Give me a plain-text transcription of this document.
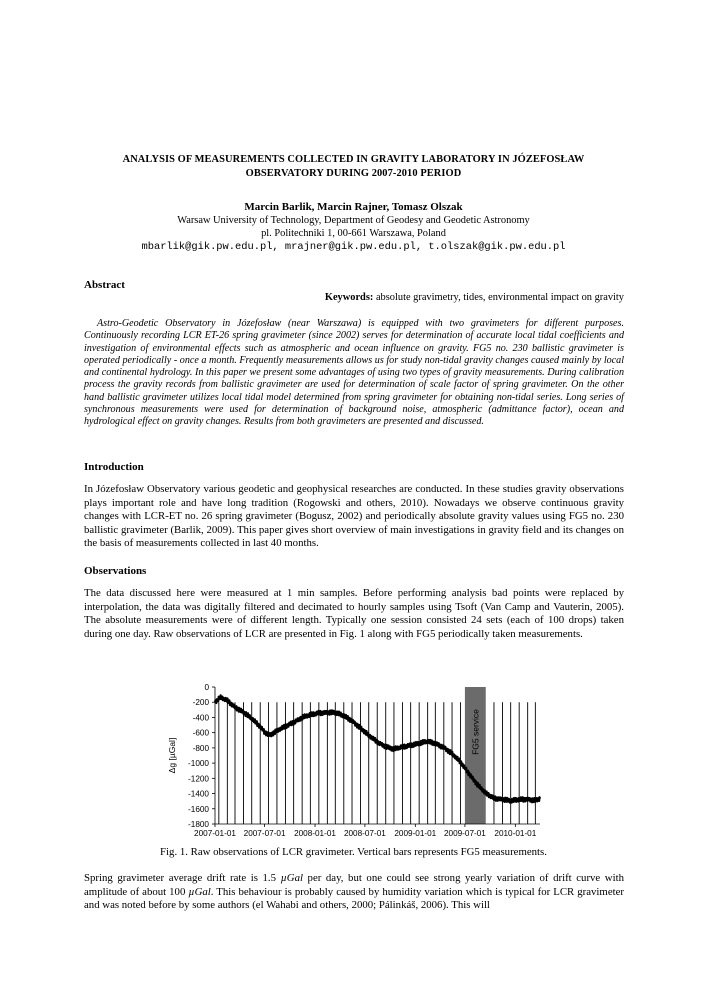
ANALYSIS OF MEASUREMENTS COLLECTED IN GRAVITY LABORATORY IN JÓZEFOSŁAW
OBSERVATORY DURING 2007-2010 PERIOD
Marcin Barlik, Marcin Rajner, Tomasz Olszak
Warsaw University of Technology, Department of Geodesy and Geodetic Astronomy
pl. Politechniki 1, 00-661 Warszawa, Poland
mbarlik@gik.pw.edu.pl, mrajner@gik.pw.edu.pl, t.olszak@gik.pw.edu.pl
Abstract
Keywords: absolute gravimetry, tides, environmental impact on gravity
Astro-Geodetic Observatory in Józefosław (near Warszawa) is equipped with two gravimeters for different purposes. Continuously recording LCR ET-26 spring gravimeter (since 2002) serves for determination of accurate local tidal coefficients and investigation of environmental effects such as atmospheric and ocean influence on gravity. FG5 no. 230 ballistic gravimeter is operated periodically - once a month. Frequently measurements allows us for study non-tidal gravity changes caused mainly by local and continental hydrology. In this paper we present some advantages of using two types of gravity measurements. During calibration process the gravity records from ballistic gravimeter are used for determination of scale factor of spring gravimeter. On the other hand ballistic gravimeter utilizes local tidal model determined from spring gravimeter for obtaining non-tidal series. Long series of synchronous measurements were used for determination of background noise, atmospheric (admittance factor), ocean and hydrological effect on gravity changes. Results from both gravimeters are presented and discussed.
Introduction
In Józefosław Observatory various geodetic and geophysical researches are conducted. In these studies gravity observations plays important role and have long tradition (Rogowski and others, 2010). Nowadays we observe continuous gravity changes with LCR-ET no. 26 spring gravimeter (Bogusz, 2002) and periodically absolute gravity values using FG5 no. 230 ballistic gravimeter (Barlik, 2009). This paper gives short overview of main investigations in gravity field and its changes on the basis of measurements collected in last 40 months.
Observations
The data discussed here were measured at 1 min samples. Before performing analysis bad points were replaced by interpolation, the data was digitally filtered and decimated to hourly samples using Tsoft (Van Camp and Vauterin, 2005). The absolute measurements were of different length. Typically one session consisted 24 sets (each of 100 drops) taken during one day. Raw observations of LCR are presented in Fig. 1 along with FG5 periodically taken measurements.
FG5 service
0
-200
-400
-600
-800
-1000
-1200
-1400
-1600
-1800
2007-01-01 2007-07-01 2008-01-01 2008-07-01 2009-01-01 2009-07-01 2010-01-01
Δg [µGal]
Fig. 1. Raw observations of LCR gravimeter. Vertical bars represents FG5 measurements.
Spring gravimeter average drift rate is 1.5 µGal per day, but one could see strong yearly variation of drift curve with amplitude of about 100 µGal. This behaviour is probably caused by humidity variation which is typical for LCR gravimeter and was noted before by some authors (el Wahabi and others, 2000; Pálinkáš, 2006). This will
